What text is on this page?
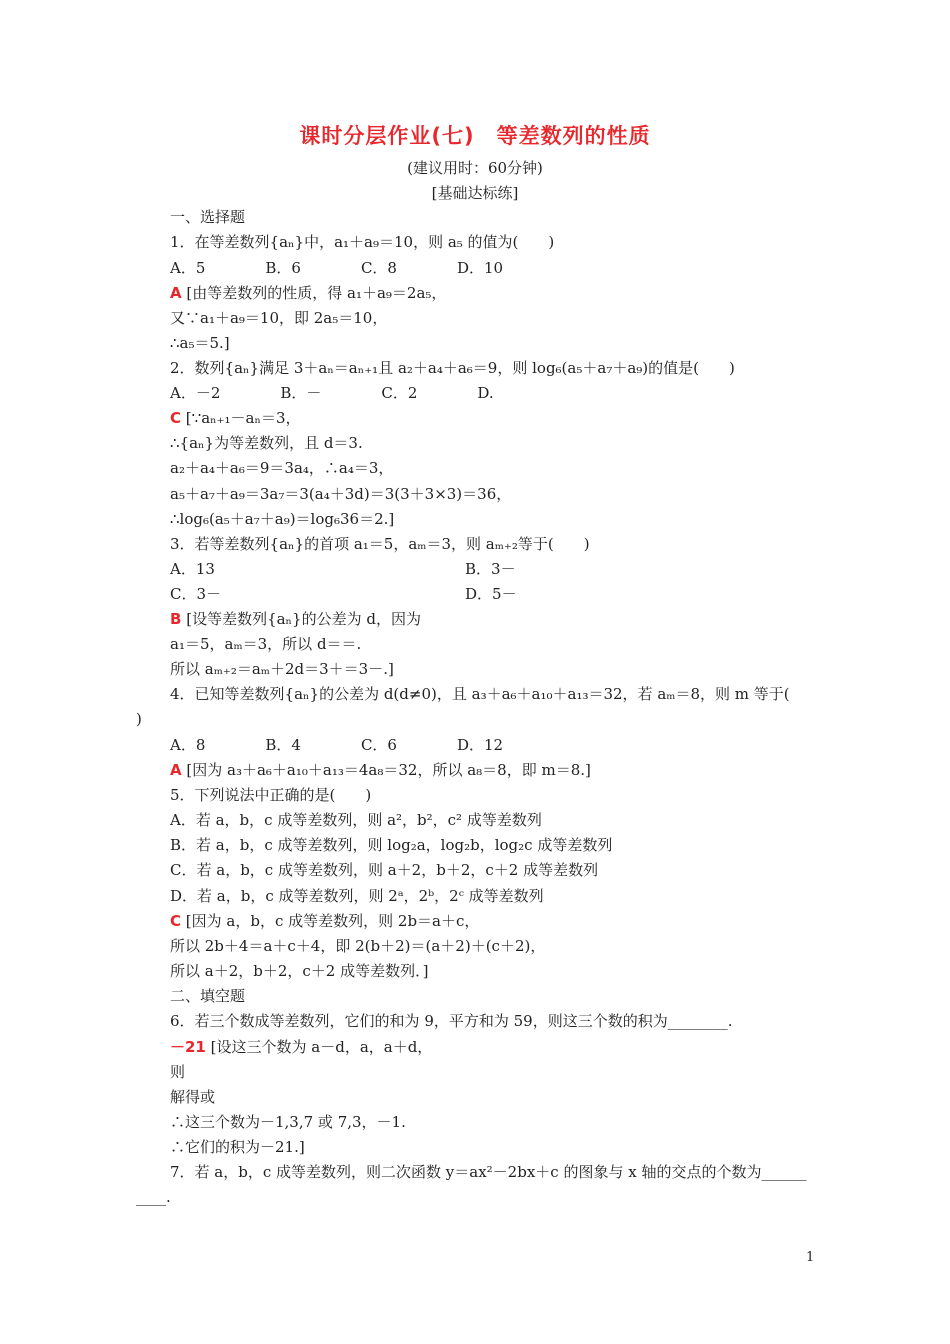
课时分层作业(七)　等差数列的性质
(建议用时：60分钟)
[基础达标练]
一、选择题
1．在等差数列{aₙ}中，a₁＋a₉＝10，则 a₅ 的值为(　　)
A．5　　　　B．6　　　　C．8　　　　D．10
A [由等差数列的性质，得 a₁＋a₉＝2a₅，
又∵a₁＋a₉＝10，即 2a₅＝10，
∴a₅＝5.]
2．数列{aₙ}满足 3＋aₙ＝aₙ₊₁且 a₂＋a₄＋a₆＝9，则 log₆(a₅＋a₇＋a₉)的值是(　　)
A．－2　　　　B．－　　　　C．2　　　　D.
C [∵aₙ₊₁－aₙ＝3，
∴{aₙ}为等差数列，且 d＝3.
a₂＋a₄＋a₆＝9＝3a₄，∴a₄＝3，
a₅＋a₇＋a₉＝3a₇＝3(a₄＋3d)＝3(3＋3×3)＝36，
∴log₆(a₅＋a₇＋a₉)＝log₆36＝2.]
3．若等差数列{aₙ}的首项 a₁＝5，aₘ＝3，则 aₘ₊₂等于(　　)
A．13	B．3－
C．3－	D．5－
B [设等差数列{aₙ}的公差为 d，因为
a₁＝5，aₘ＝3，所以 d＝＝.
所以 aₘ₊₂＝aₘ＋2d＝3＋＝3－.]
4．已知等差数列{aₙ}的公差为 d(d≠0)，且 a₃＋a₆＋a₁₀＋a₁₃＝32，若 aₘ＝8，则 m 等于(
)
A．8　　　　B．4　　　　C．6　　　　D．12
A [因为 a₃＋a₆＋a₁₀＋a₁₃＝4a₈＝32，所以 a₈＝8，即 m＝8.]
5．下列说法中正确的是(　　)
A．若 a，b，c 成等差数列，则 a²，b²，c² 成等差数列
B．若 a，b，c 成等差数列，则 log₂a，log₂b，log₂c 成等差数列
C．若 a，b，c 成等差数列，则 a＋2，b＋2，c＋2 成等差数列
D．若 a，b，c 成等差数列，则 2ᵃ，2ᵇ，2ᶜ 成等差数列
C [因为 a，b，c 成等差数列，则 2b＝a＋c，
所以 2b＋4＝a＋c＋4，即 2(b＋2)＝(a＋2)＋(c＋2)，
所以 a＋2，b＋2，c＋2 成等差数列．]
二、填空题
6．若三个数成等差数列，它们的和为 9，平方和为 59，则这三个数的积为________.
－21 [设这三个数为 a－d，a，a＋d，
则
解得或
∴这三个数为－1,3,7 或 7,3，－1.
∴它们的积为－21.]
7．若 a，b，c 成等差数列，则二次函数 y＝ax²－2bx＋c 的图象与 x 轴的交点的个数为______
____.
1
